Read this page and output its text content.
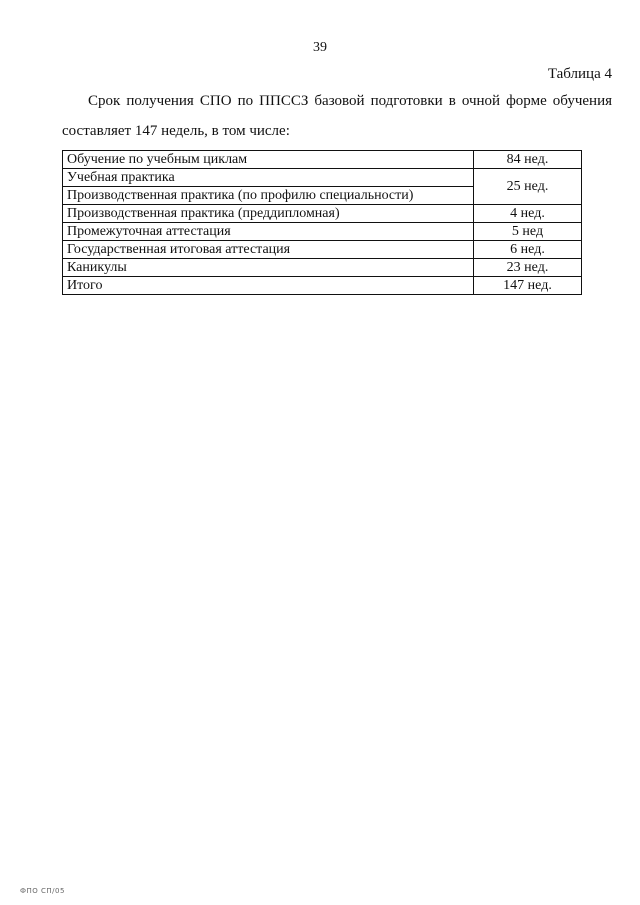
39
Таблица 4
Срок получения СПО по ППССЗ базовой подготовки в очной форме обучения
составляет 147 недель, в том числе:
Обучение по учебным циклам	84 нед.
Учебная практика	25 нед.
Производственная практика (по профилю специальности)	
Производственная практика (преддипломная)	4 нед.
Промежуточная аттестация	5 нед
Государственная итоговая аттестация	6 нед.
Каникулы	23 нед.
Итого	147 нед.
ФПО СП/05
